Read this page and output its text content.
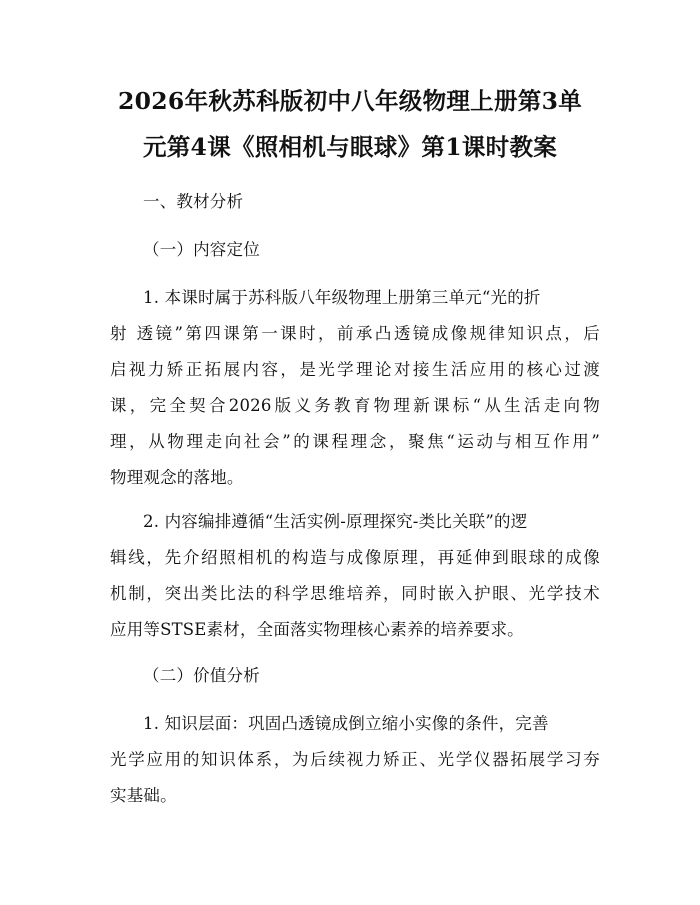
2026年秋苏科版初中八年级物理上册第3单

元第4课《照相机与眼球》第1课时教案

一、教材分析

（一）内容定位

1. 本课时属于苏科版八年级物理上册第三单元“光的折

射 透镜”第四课第一课时，前承凸透镜成像规律知识点，后

启视力矫正拓展内容，是光学理论对接生活应用的核心过渡

课，完全契合2026版义务教育物理新课标“从生活走向物

理，从物理走向社会”的课程理念，聚焦“运动与相互作用”

物理观念的落地。

2. 内容编排遵循“生活实例-原理探究-类比关联”的逻

辑线，先介绍照相机的构造与成像原理，再延伸到眼球的成像

机制，突出类比法的科学思维培养，同时嵌入护眼、光学技术

应用等STSE素材，全面落实物理核心素养的培养要求。

（二）价值分析

1. 知识层面：巩固凸透镜成倒立缩小实像的条件，完善

光学应用的知识体系，为后续视力矫正、光学仪器拓展学习夯

实基础。
